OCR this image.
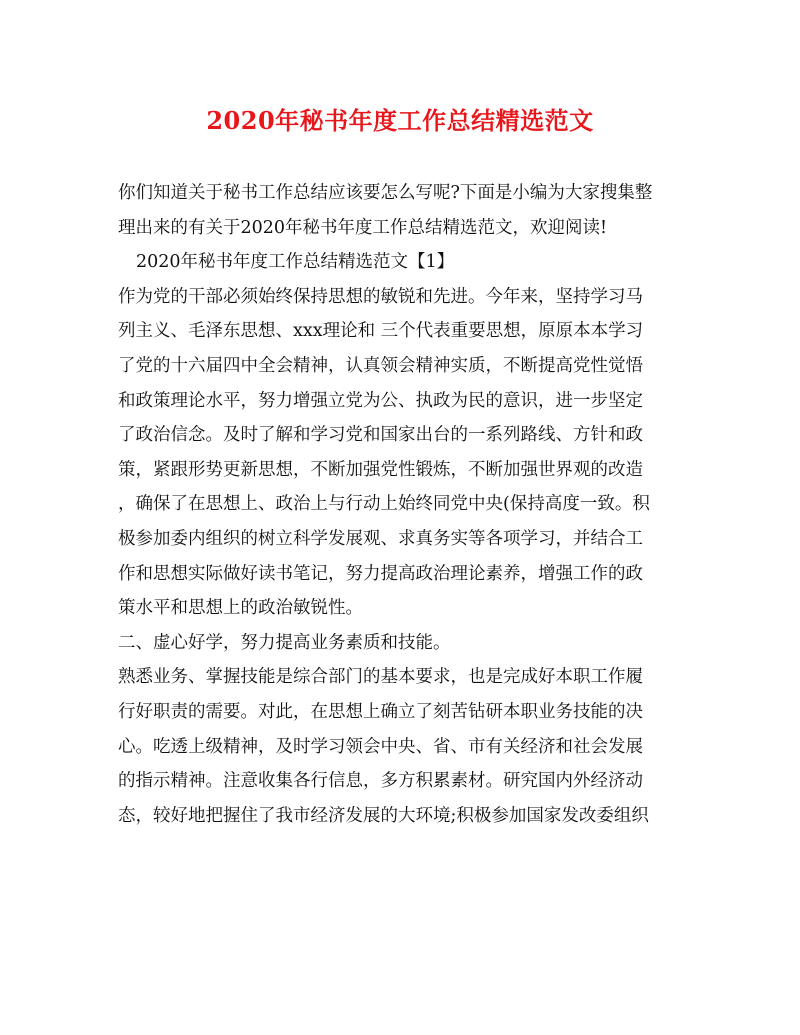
2020年秘书年度工作总结精选范文
你们知道关于秘书工作总结应该要怎么写呢?下面是小编为大家搜集整
理出来的有关于2020年秘书年度工作总结精选范文，欢迎阅读!
2020年秘书年度工作总结精选范文【1】
作为党的干部必须始终保持思想的敏锐和先进。今年来，坚持学习马
列主义、毛泽东思想、xxx理论和 三个代表重要思想，原原本本学习
了党的十六届四中全会精神，认真领会精神实质，不断提高党性觉悟
和政策理论水平，努力增强立党为公、执政为民的意识，进一步坚定
了政治信念。及时了解和学习党和国家出台的一系列路线、方针和政
策，紧跟形势更新思想，不断加强党性锻炼，不断加强世界观的改造
，确保了在思想上、政治上与行动上始终同党中央(保持高度一致。积
极参加委内组织的树立科学发展观、求真务实等各项学习，并结合工
作和思想实际做好读书笔记，努力提高政治理论素养，增强工作的政
策水平和思想上的政治敏锐性。
二、虚心好学，努力提高业务素质和技能。
熟悉业务、掌握技能是综合部门的基本要求，也是完成好本职工作履
行好职责的需要。对此，在思想上确立了刻苦钻研本职业务技能的决
心。吃透上级精神，及时学习领会中央、省、市有关经济和社会发展
的指示精神。注意收集各行信息，多方积累素材。研究国内外经济动
态，较好地把握住了我市经济发展的大环境;积极参加国家发改委组织
